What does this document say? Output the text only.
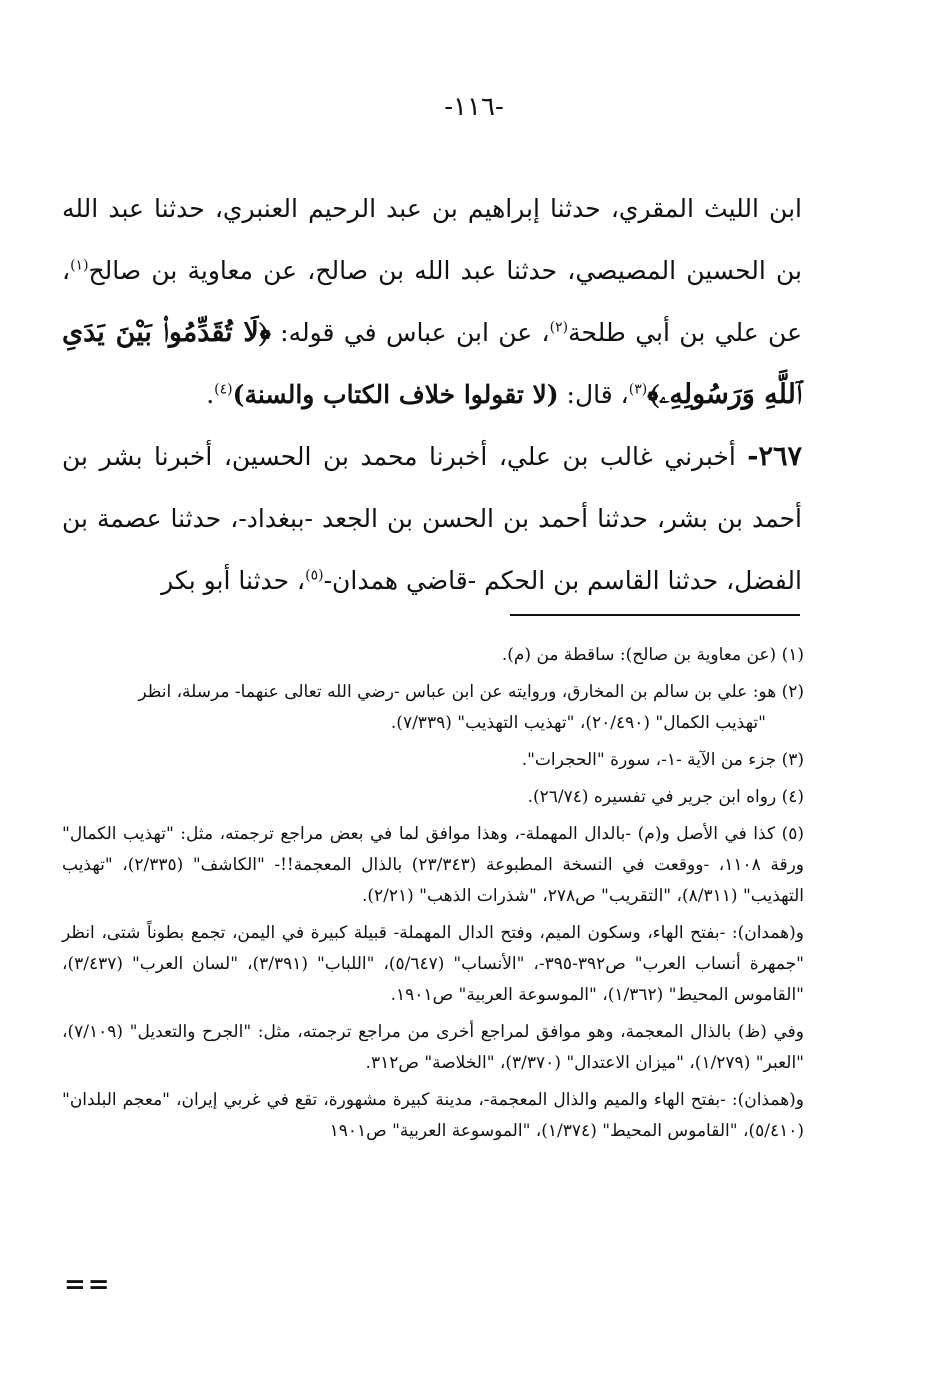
-١١٦-

ابن الليث المقري، حدثنا إبراهيم بن عبد الرحيم العنبري، حدثنا عبد الله بن الحسين المصيصي، حدثنا عبد الله بن صالح، عن معاوية بن صالح$^{(١)}$، عن علي بن أبي طلحة$^{(٢)}$، عن ابن عباس في قوله: ﴿لَا تُقَدِّمُوا۟ بَيْنَ يَدَىِ ٱللَّهِ وَرَسُولِهِۦ﴾$^{(٣)}$، قال: (لا تقولوا خلاف الكتاب والسنة)$^{(٤)}$.

٢٦٧- أخبرني غالب بن علي، أخبرنا محمد بن الحسين، أخبرنا بشر بن أحمد بن بشر، حدثنا أحمد بن الحسن بن الجعد -ببغداد-، حدثنا عصمة بن الفضل، حدثنا القاسم بن الحكم -قاضي همدان-$^{(٥)}$، حدثنا أبو بكر

(١) (عن معاوية بن صالح): ساقطة من (م).

(٢) هو: علي بن سالم بن المخارق، وروايته عن ابن عباس -رضي الله تعالى عنهما- مرسلة، انظر
"تهذيب الكمال" (٢٠/٤٩٠)، "تهذيب التهذيب" (٧/٣٣٩).

(٣) جزء من الآية -١-، سورة "الحجرات".

(٤) رواه ابن جرير في تفسيره (٢٦/٧٤).

(٥) كذا في الأصل و(م) -بالدال المهملة-، وهذا موافق لما في بعض مراجع ترجمته، مثل: "تهذيب الكمال" ورقة ١١٠٨، -ووقعت في النسخة المطبوعة (٢٣/٣٤٣) بالذال المعجمة!!- "الكاشف" (٢/٣٣٥)، "تهذيب التهذيب" (٨/٣١١)، "التقريب" ص٢٧٨، "شذرات الذهب" (٢/٢١).

و(همدان): -بفتح الهاء، وسكون الميم، وفتح الدال المهملة- قبيلة كبيرة في اليمن، تجمع بطوناً شتى، انظر "جمهرة أنساب العرب" ص٣٩٢-٣٩٥-، "الأنساب" (٥/٦٤٧)، "اللباب" (٣/٣٩١)، "لسان العرب" (٣/٤٣٧)، "القاموس المحيط" (١/٣٦٢)، "الموسوعة العربية" ص١٩٠١.

وفي (ظ) بالذال المعجمة، وهو موافق لمراجع أخرى من مراجع ترجمته، مثل: "الجرح والتعديل" (٧/١٠٩)، "العبر" (١/٢٧٩)، "ميزان الاعتدال" (٣/٣٧٠)، "الخلاصة" ص٣١٢.

و(همذان): -بفتح الهاء والميم والذال المعجمة-، مدينة كبيرة مشهورة، تقع في غربي إيران، "معجم البلدان" (٥/٤١٠)، "القاموس المحيط" (١/٣٧٤)، "الموسوعة العربية" ص١٩٠١

==
